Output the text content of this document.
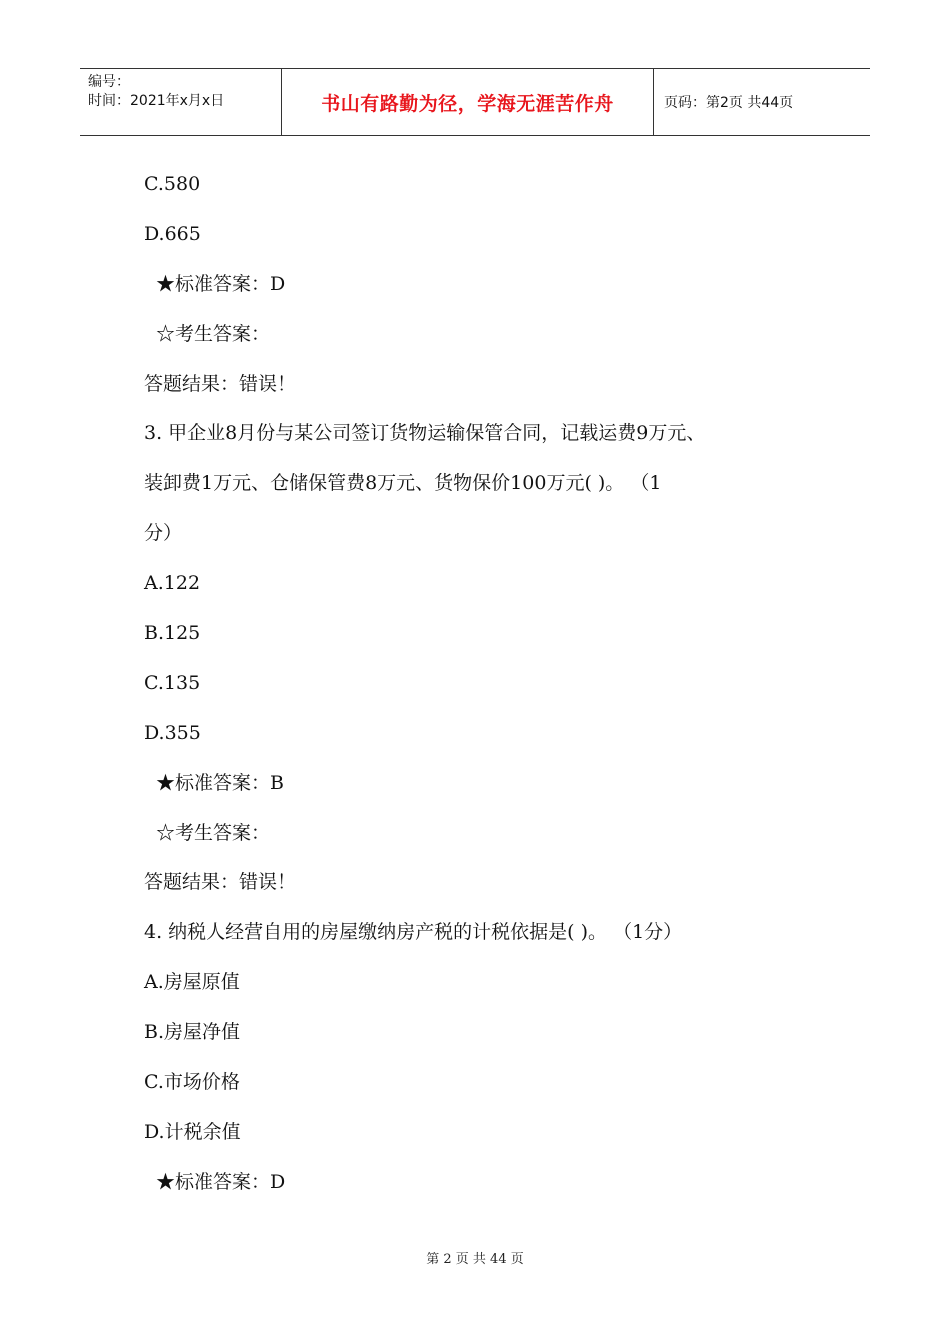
编号：
时间：2021年x月x日	书山有路勤为径，学海无涯苦作舟	页码：第2页 共44页
C.580
D.665
★标准答案：D
☆考生答案：
答题结果：错误！
3. 甲企业8月份与某公司签订货物运输保管合同，记载运费9万元、
装卸费1万元、仓储保管费8万元、货物保价100万元( )。 （1
分）
A.122
B.125
C.135
D.355
★标准答案：B
☆考生答案：
答题结果：错误！
4. 纳税人经营自用的房屋缴纳房产税的计税依据是( )。 （1分）
A.房屋原值
B.房屋净值
C.市场价格
D.计税余值
★标准答案：D
第 2 页 共 44 页
